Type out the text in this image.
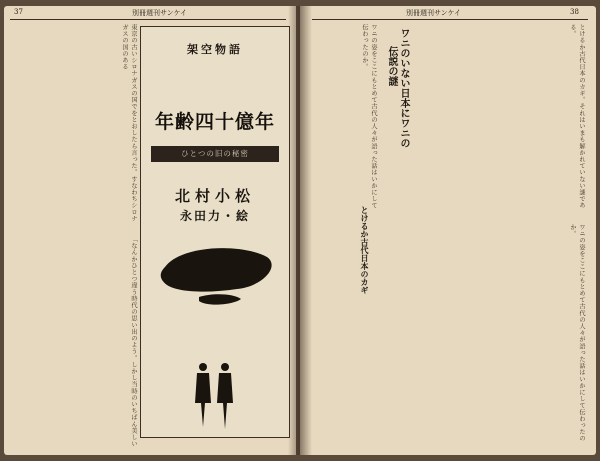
37	別冊週刊サンケイ	別冊週刊サンケイ	38

東京の古いシロナガスの国でをとおしたら言った。すなわちシロナガスの国のある

「なんかひとつ違う時代の思い出のよう。しかし当時のいちばん美しい

架空物語
年齢四十億年
ひとつの旧の秘密
北村小松
永田力・絵

ワニの姿をここにもとめて古代の人々が語った話はいかにして伝わったのか。	ワニのいない日本にワニの
伝説の謎	とけるか古代日本のカギ。それはいまも解かれていない謎である。

とけるか古代日本のカギ	ワニの姿をここにもとめて古代の人々が語った話はいかにして伝わったのか。
